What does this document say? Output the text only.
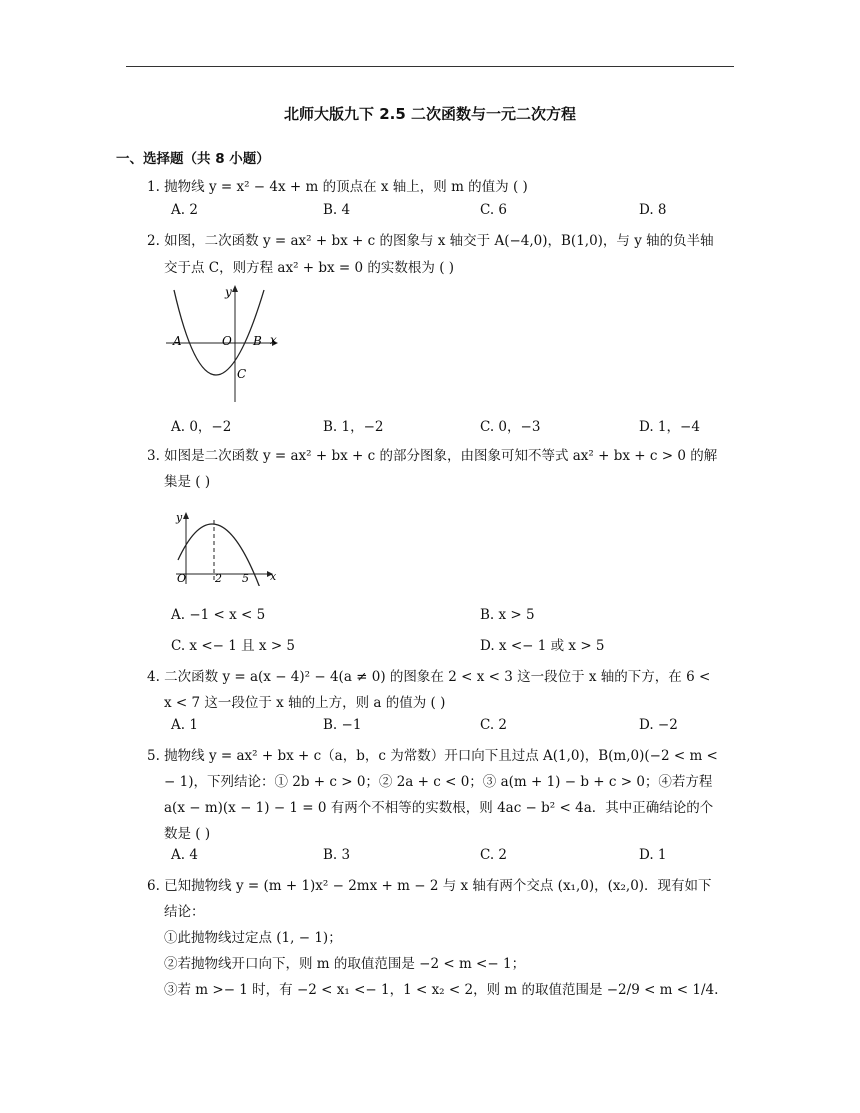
北师大版九下 2.5 二次函数与一元二次方程
一、选择题（共 8 小题）
1. 抛物线 y = x² − 4x + m 的顶点在 x 轴上，则 m 的值为 ( )
A. 2	B. 4	C. 6	D. 8
2. 如图，二次函数 y = ax² + bx + c 的图象与 x 轴交于 A(−4,0)，B(1,0)，与 y 轴的负半轴
交于点 C，则方程 ax² + bx = 0 的实数根为 ( )
y
x
A	O B
C
A. 0，−2	B. 1，−2	C. 0，−3	D. 1，−4
3. 如图是二次函数 y = ax² + bx + c 的部分图象，由图象可知不等式 ax² + bx + c > 0 的解
集是 ( )
y
x
O	2 5
A. −1 < x < 5	B. x > 5
C. x <− 1 且 x > 5	D. x <− 1 或 x > 5
4. 二次函数 y = a(x − 4)² − 4(a ≠ 0) 的图象在 2 < x < 3 这一段位于 x 轴的下方，在 6 <
x < 7 这一段位于 x 轴的上方，则 a 的值为 ( )
A. 1	B. −1	C. 2	D. −2
5. 抛物线 y = ax² + bx + c（a，b，c 为常数）开口向下且过点 A(1,0)，B(m,0)(−2 < m <
− 1)，下列结论：① 2b + c > 0；② 2a + c < 0；③ a(m + 1) − b + c > 0；④若方程
a(x − m)(x − 1) − 1 = 0 有两个不相等的实数根，则 4ac − b² < 4a．其中正确结论的个
数是 ( )
A. 4	B. 3	C. 2	D. 1
6. 已知抛物线 y = (m + 1)x² − 2mx + m − 2 与 x 轴有两个交点 (x₁,0)，(x₂,0)．现有如下
结论：
①此抛物线过定点 (1, − 1)；
②若抛物线开口向下，则 m 的取值范围是 −2 < m <− 1；
③若 m >− 1 时，有 −2 < x₁ <− 1，1 < x₂ < 2，则 m 的取值范围是 −2/9 < m < 1/4.
